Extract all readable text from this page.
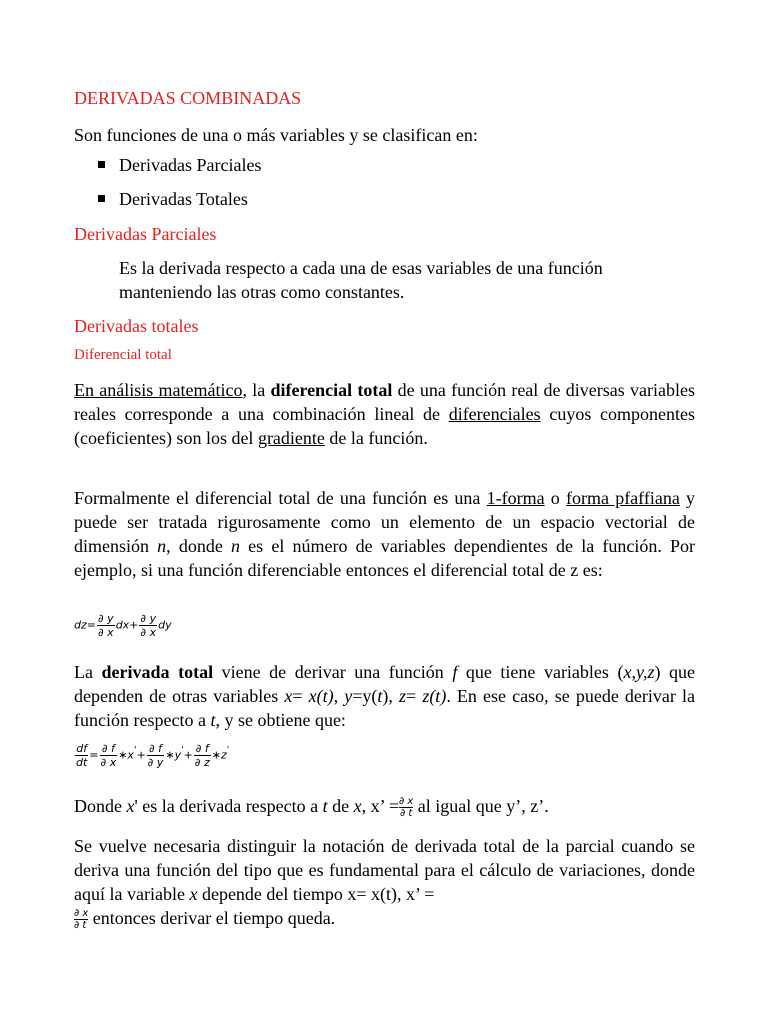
DERIVADAS COMBINADAS
Son funciones de una o más variables y se clasifican en:
Derivadas Parciales
Derivadas Totales
Derivadas Parciales
Es la derivada respecto a cada una de esas variables de una función manteniendo las otras como constantes.
Derivadas totales
Diferencial total
En análisis matemático, la diferencial total de una función real de diversas variables reales corresponde a una combinación lineal de diferenciales cuyos componentes (coeficientes) son los del gradiente de la función.
Formalmente el diferencial total de una función es una 1-forma o forma pfaffiana y puede ser tratada rigurosamente como un elemento de un espacio vectorial de dimensión n, donde n es el número de variables dependientes de la función. Por ejemplo, si una función diferenciable entonces el diferencial total de z es:
$dz= \frac{\partial y}{\partial x} dx+ \frac{\partial y}{\partial x}$ dy
La derivada total viene de derivar una función f que tiene variables (x,y,z) que dependen de otras variables x= x(t), y=y(t), z= z(t). En ese caso, se puede derivar la función respecto a t, y se obtiene que:
$\frac{df}{dt} = \frac{\partial f}{\partial x}$ ∗x'+ $\frac{\partial f}{\partial y}$ ∗y'+ $\frac{\partial f}{\partial z}$ ∗z'
Donde x' es la derivada respecto a t de x, x’ = $\frac{\partial x}{\partial t}$ al igual que y’, z’.
Se vuelve necesaria distinguir la notación de derivada total de la parcial cuando se deriva una función del tipo que es fundamental para el cálculo de variaciones, donde aquí la variable x depende del tiempo x= x(t), x’ =

$\frac{\partial x}{\partial t}$ entonces derivar el tiempo queda.
